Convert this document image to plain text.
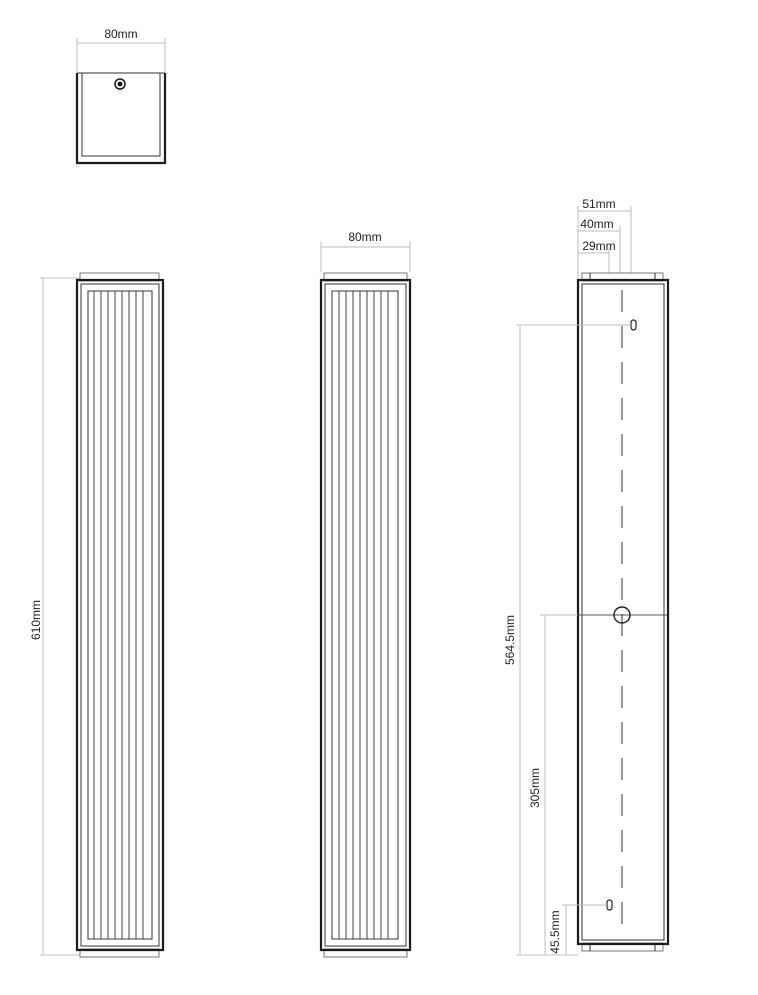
80mm
610mm
80mm
51mm
40mm
29mm
564.5mm
305mm
45.5mm
